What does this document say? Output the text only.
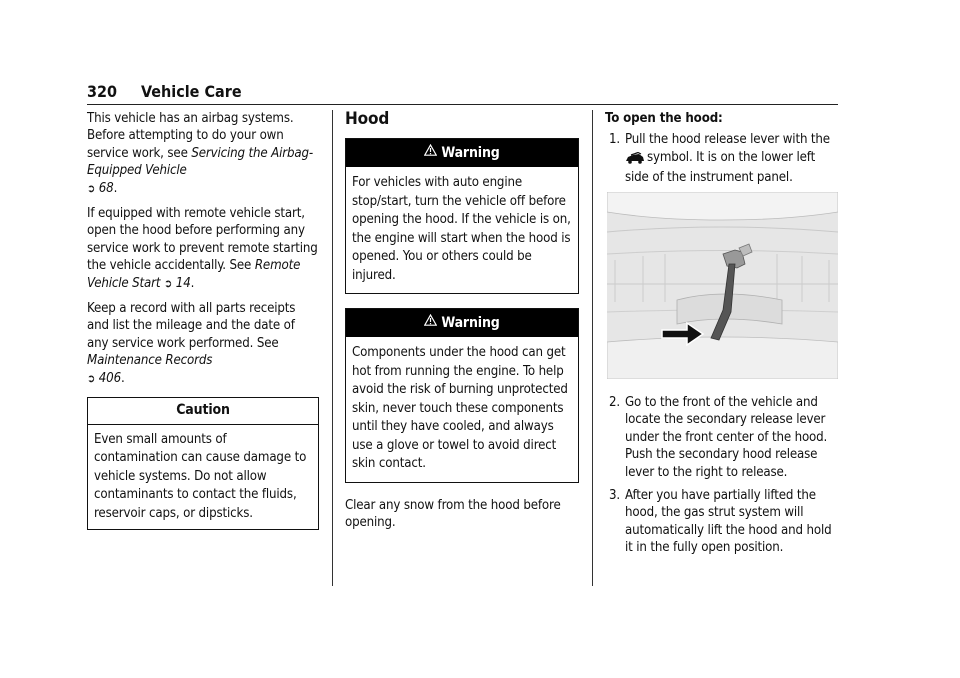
320 Vehicle Care

This vehicle has an airbag systems. Before attempting to do your own service work, see Servicing the Airbag-Equipped Vehicle
➲ 68.

If equipped with remote vehicle start, open the hood before performing any service work to prevent remote starting the vehicle accidentally. See Remote Vehicle Start ➲ 14.

Keep a record with all parts receipts and list the mileage and the date of any service work performed. See Maintenance Records
➲ 406.

Caution
Even small amounts of contamination can cause damage to vehicle systems. Do not allow contaminants to contact the fluids, reservoir caps, or dipsticks.
Hood
Warning
For vehicles with auto engine stop/start, turn the vehicle off before opening the hood. If the vehicle is on, the engine will start when the hood is opened. You or others could be injured.
Warning
Components under the hood can get hot from running the engine. To help avoid the risk of burning unprotected skin, never touch these components until they have cooled, and always use a glove or towel to avoid direct skin contact.

Clear any snow from the hood before opening.

To open the hood:
1. Pull the hood release lever with the
symbol. It is on the lower left side of the instrument panel.
2. Go to the front of the vehicle and locate the secondary release lever under the front center of the hood. Push the secondary hood release lever to the right to release.
3. After you have partially lifted the hood, the gas strut system will automatically lift the hood and hold it in the fully open position.
